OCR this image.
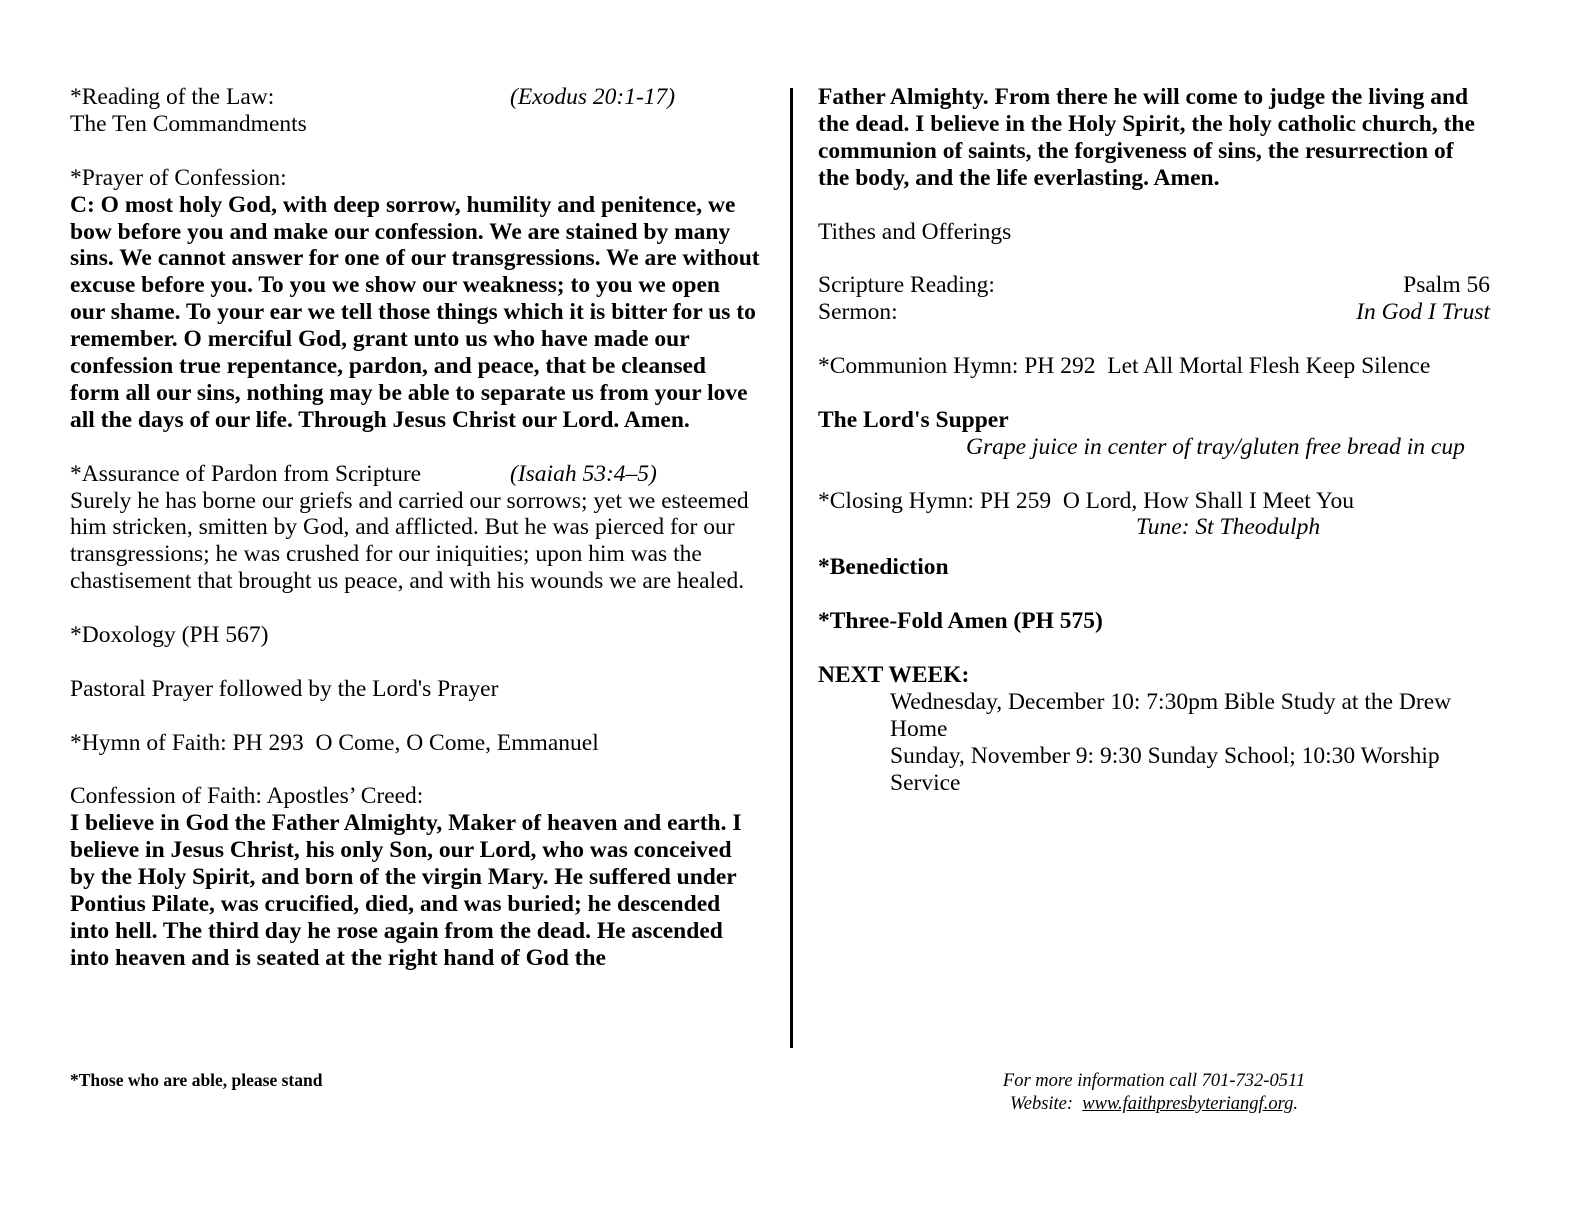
*Reading of the Law:	(Exodus 20:1-17)
The Ten Commandments
*Prayer of Confession:
C: O most holy God, with deep sorrow, humility and penitence, we bow before you and make our confession. We are stained by many sins. We cannot answer for one of our transgressions. We are without excuse before you. To you we show our weakness; to you we open our shame. To your ear we tell those things which it is bitter for us to remember. O merciful God, grant unto us who have made our confession true repentance, pardon, and peace, that be cleansed form all our sins, nothing may be able to separate us from your love all the days of our life. Through Jesus Christ our Lord. Amen.
*Assurance of Pardon from Scripture	(Isaiah 53:4–5)
Surely he has borne our griefs and carried our sorrows; yet we esteemed him stricken, smitten by God, and afflicted. But he was pierced for our transgressions; he was crushed for our iniquities; upon him was the chastisement that brought us peace, and with his wounds we are healed.
*Doxology (PH 567)
Pastoral Prayer followed by the Lord's Prayer
*Hymn of Faith: PH 293 O Come, O Come, Emmanuel
Confession of Faith: Apostles’ Creed:
I believe in God the Father Almighty, Maker of heaven and earth. I believe in Jesus Christ, his only Son, our Lord, who was conceived by the Holy Spirit, and born of the virgin Mary. He suffered under Pontius Pilate, was crucified, died, and was buried; he descended into hell. The third day he rose again from the dead. He ascended into heaven and is seated at the right hand of God the
Father Almighty. From there he will come to judge the living and the dead. I believe in the Holy Spirit, the holy catholic church, the communion of saints, the forgiveness of sins, the resurrection of the body, and the life everlasting. Amen.
Tithes and Offerings
Scripture Reading:	Psalm 56
Sermon:	In God I Trust
*Communion Hymn: PH 292 Let All Mortal Flesh Keep Silence
The Lord's Supper
Grape juice in center of tray/gluten free bread in cup
*Closing Hymn: PH 259 O Lord, How Shall I Meet You
Tune: St Theodulph
*Benediction
*Three-Fold Amen (PH 575)
NEXT WEEK:
Wednesday, December 10: 7:30pm Bible Study at the Drew Home
Sunday, November 9: 9:30 Sunday School; 10:30 Worship Service
*Those who are able, please stand	For more information call 701-732-0511
Website: www.faithpresbyteriangf.org.
